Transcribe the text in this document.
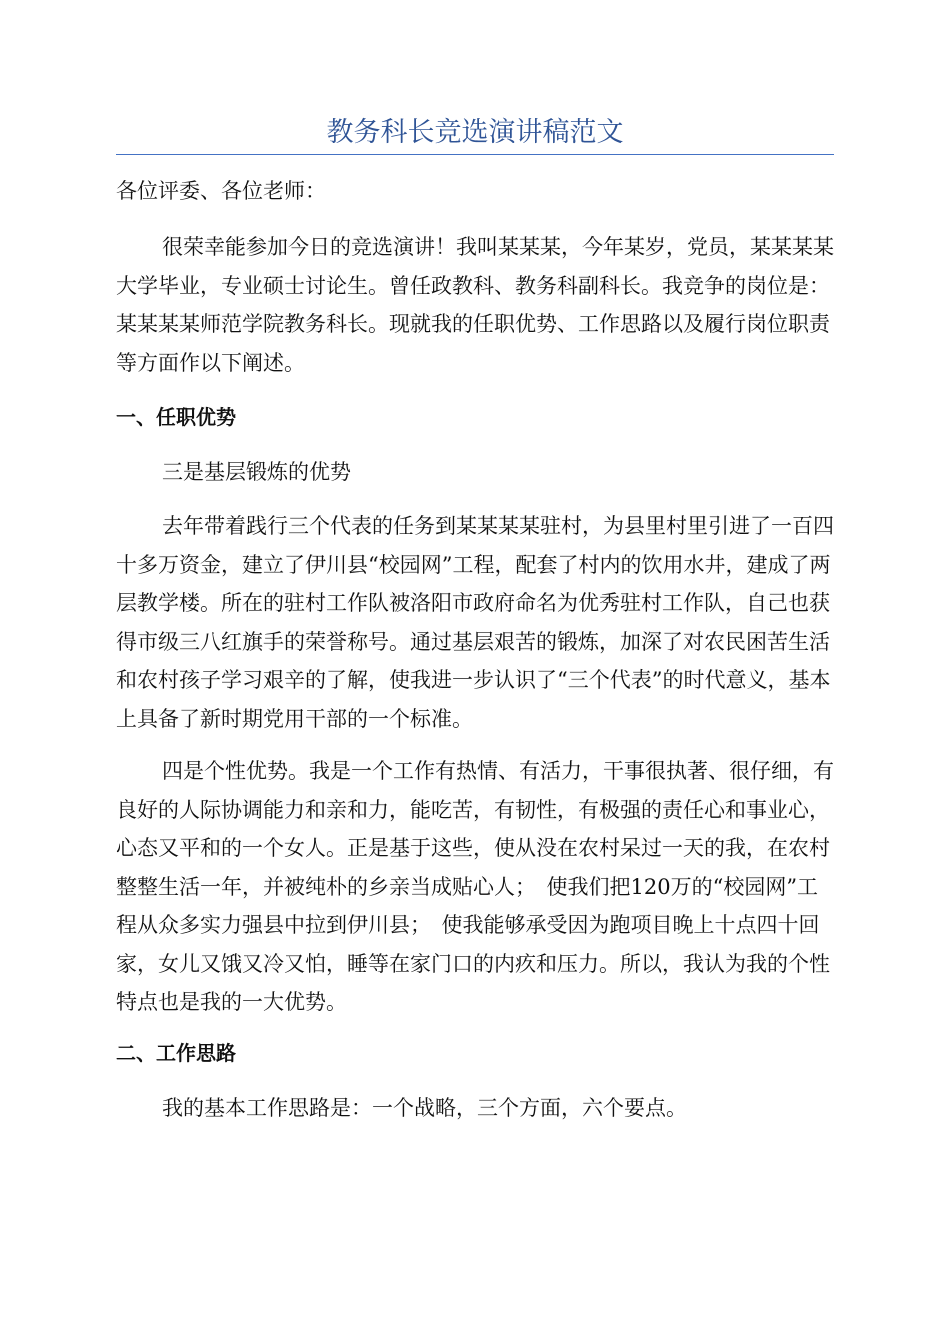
教务科长竞选演讲稿范文

各位评委、各位老师：

很荣幸能参加今日的竞选演讲！我叫某某某，今年某岁，党员，某某某某大学毕业，专业硕士讨论生。曾任政教科、教务科副科长。我竞争的岗位是：某某某某师范学院教务科长。现就我的任职优势、工作思路以及履行岗位职责等方面作以下阐述。

一、任职优势

三是基层锻炼的优势

去年带着践行三个代表的任务到某某某某驻村，为县里村里引进了一百四十多万资金，建立了伊川县“校园网”工程，配套了村内的饮用水井，建成了两层教学楼。所在的驻村工作队被洛阳市政府命名为优秀驻村工作队，自己也获得市级三八红旗手的荣誉称号。通过基层艰苦的锻炼，加深了对农民困苦生活和农村孩子学习艰辛的了解，使我进一步认识了“三个代表”的时代意义，基本上具备了新时期党用干部的一个标准。

四是个性优势。我是一个工作有热情、有活力，干事很执著、很仔细，有良好的人际协调能力和亲和力，能吃苦，有韧性，有极强的责任心和事业心，心态又平和的一个女人。正是基于这些，使从没在农村呆过一天的我，在农村整整生活一年，并被纯朴的乡亲当成贴心人；　使我们把120万的“校园网”工程从众多实力强县中拉到伊川县；　使我能够承受因为跑项目晚上十点四十回家，女儿又饿又冷又怕，睡等在家门口的内疚和压力。所以，我认为我的个性特点也是我的一大优势。

二、工作思路

我的基本工作思路是：一个战略，三个方面，六个要点。
